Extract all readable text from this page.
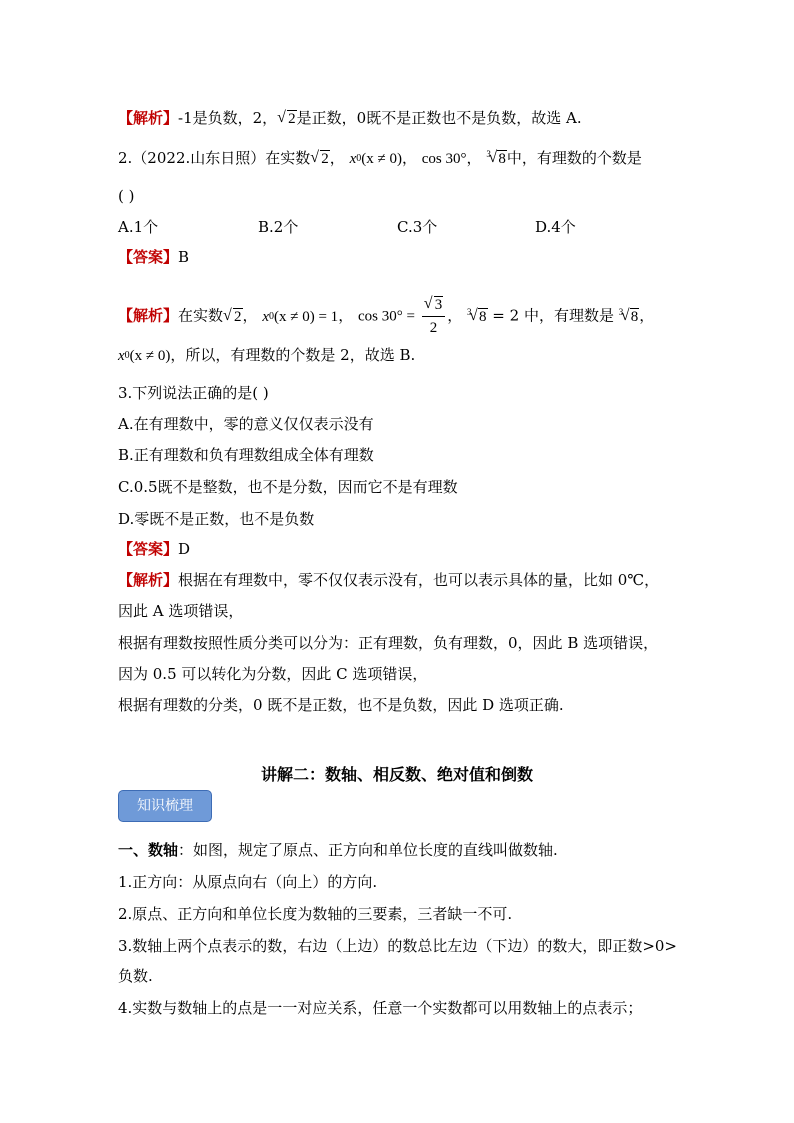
【解析】-1是负数，2， √ 2是正数，0既不是正数也不是负数，故选 A.
2.（2022.山东日照）在实数 √ 2， $x^0(x \ne 0)$， cos 30°， √ 3 8中，有理数的个数是
( )
A.1个	B.2个	C.3个	D.4个
【答案】B
【解析】在实数 √ 2， $x^0(x \ne 0) = 1$， cos 30° = √ $\frac{3}{2}$ ， √ 3 8 = 2 中，有理数是 √ 3 8，
$x^0(x \ne 0)$，所以，有理数的个数是 2，故选 B.
3.下列说法正确的是( )
A.在有理数中，零的意义仅仅表示没有
B.正有理数和负有理数组成全体有理数
C.0.5既不是整数，也不是分数，因而它不是有理数
D.零既不是正数，也不是负数
【答案】D
【解析】根据在有理数中，零不仅仅表示没有，也可以表示具体的量，比如 0℃，
因此 A 选项错误，
根据有理数按照性质分类可以分为：正有理数，负有理数，0，因此 B 选项错误，
因为 0.5 可以转化为分数，因此 C 选项错误，
根据有理数的分类，0 既不是正数，也不是负数，因此 D 选项正确.
讲解二：数轴、相反数、绝对值和倒数
知识梳理
一、数轴：如图，规定了原点、正方向和单位长度的直线叫做数轴.
1.正方向：从原点向右（向上）的方向.
2.原点、正方向和单位长度为数轴的三要素，三者缺一不可.
3.数轴上两个点表示的数，右边（上边）的数总比左边（下边）的数大，即正数>0>
负数.
4.实数与数轴上的点是一一对应关系，任意一个实数都可以用数轴上的点表示；
